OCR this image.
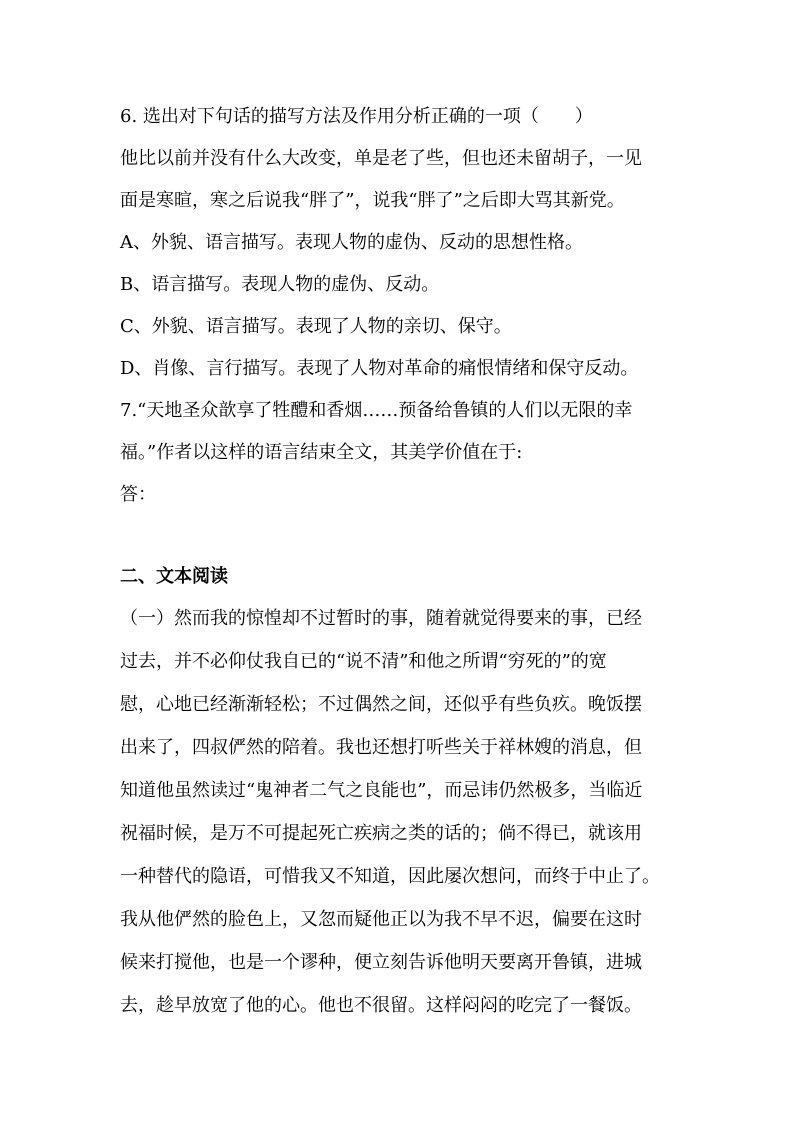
6. 选出对下句话的描写方法及作用分析正确的一项（　　）
他比以前并没有什么大改变，单是老了些，但也还未留胡子，一见
面是寒暄，寒之后说我“胖了”，说我“胖了”之后即大骂其新党。
A、外貌、语言描写。表现人物的虚伪、反动的思想性格。
B、语言描写。表现人物的虚伪、反动。
C、外貌、语言描写。表现了人物的亲切、保守。
D、肖像、言行描写。表现了人物对革命的痛恨情绪和保守反动。
7.“天地圣众歆享了牲醴和香烟……预备给鲁镇的人们以无限的幸
福。”作者以这样的语言结束全文，其美学价值在于:
答：
二、文本阅读
（一）然而我的惊惶却不过暂时的事，随着就觉得要来的事，已经
过去，并不必仰仗我自已的“说不清”和他之所谓“穷死的”的宽
慰，心地已经渐渐轻松；不过偶然之间，还似乎有些负疚。晚饭摆
出来了，四叔俨然的陪着。我也还想打听些关于祥林嫂的消息，但
知道他虽然读过“鬼神者二气之良能也”，而忌讳仍然极多，当临近
祝福时候，是万不可提起死亡疾病之类的话的；倘不得已，就该用
一种替代的隐语，可惜我又不知道，因此屡次想问，而终于中止了。
我从他俨然的脸色上，又忽而疑他正以为我不早不迟，偏要在这时
候来打搅他，也是一个谬种，便立刻告诉他明天要离开鲁镇，进城
去，趁早放宽了他的心。他也不很留。这样闷闷的吃完了一餐饭。
